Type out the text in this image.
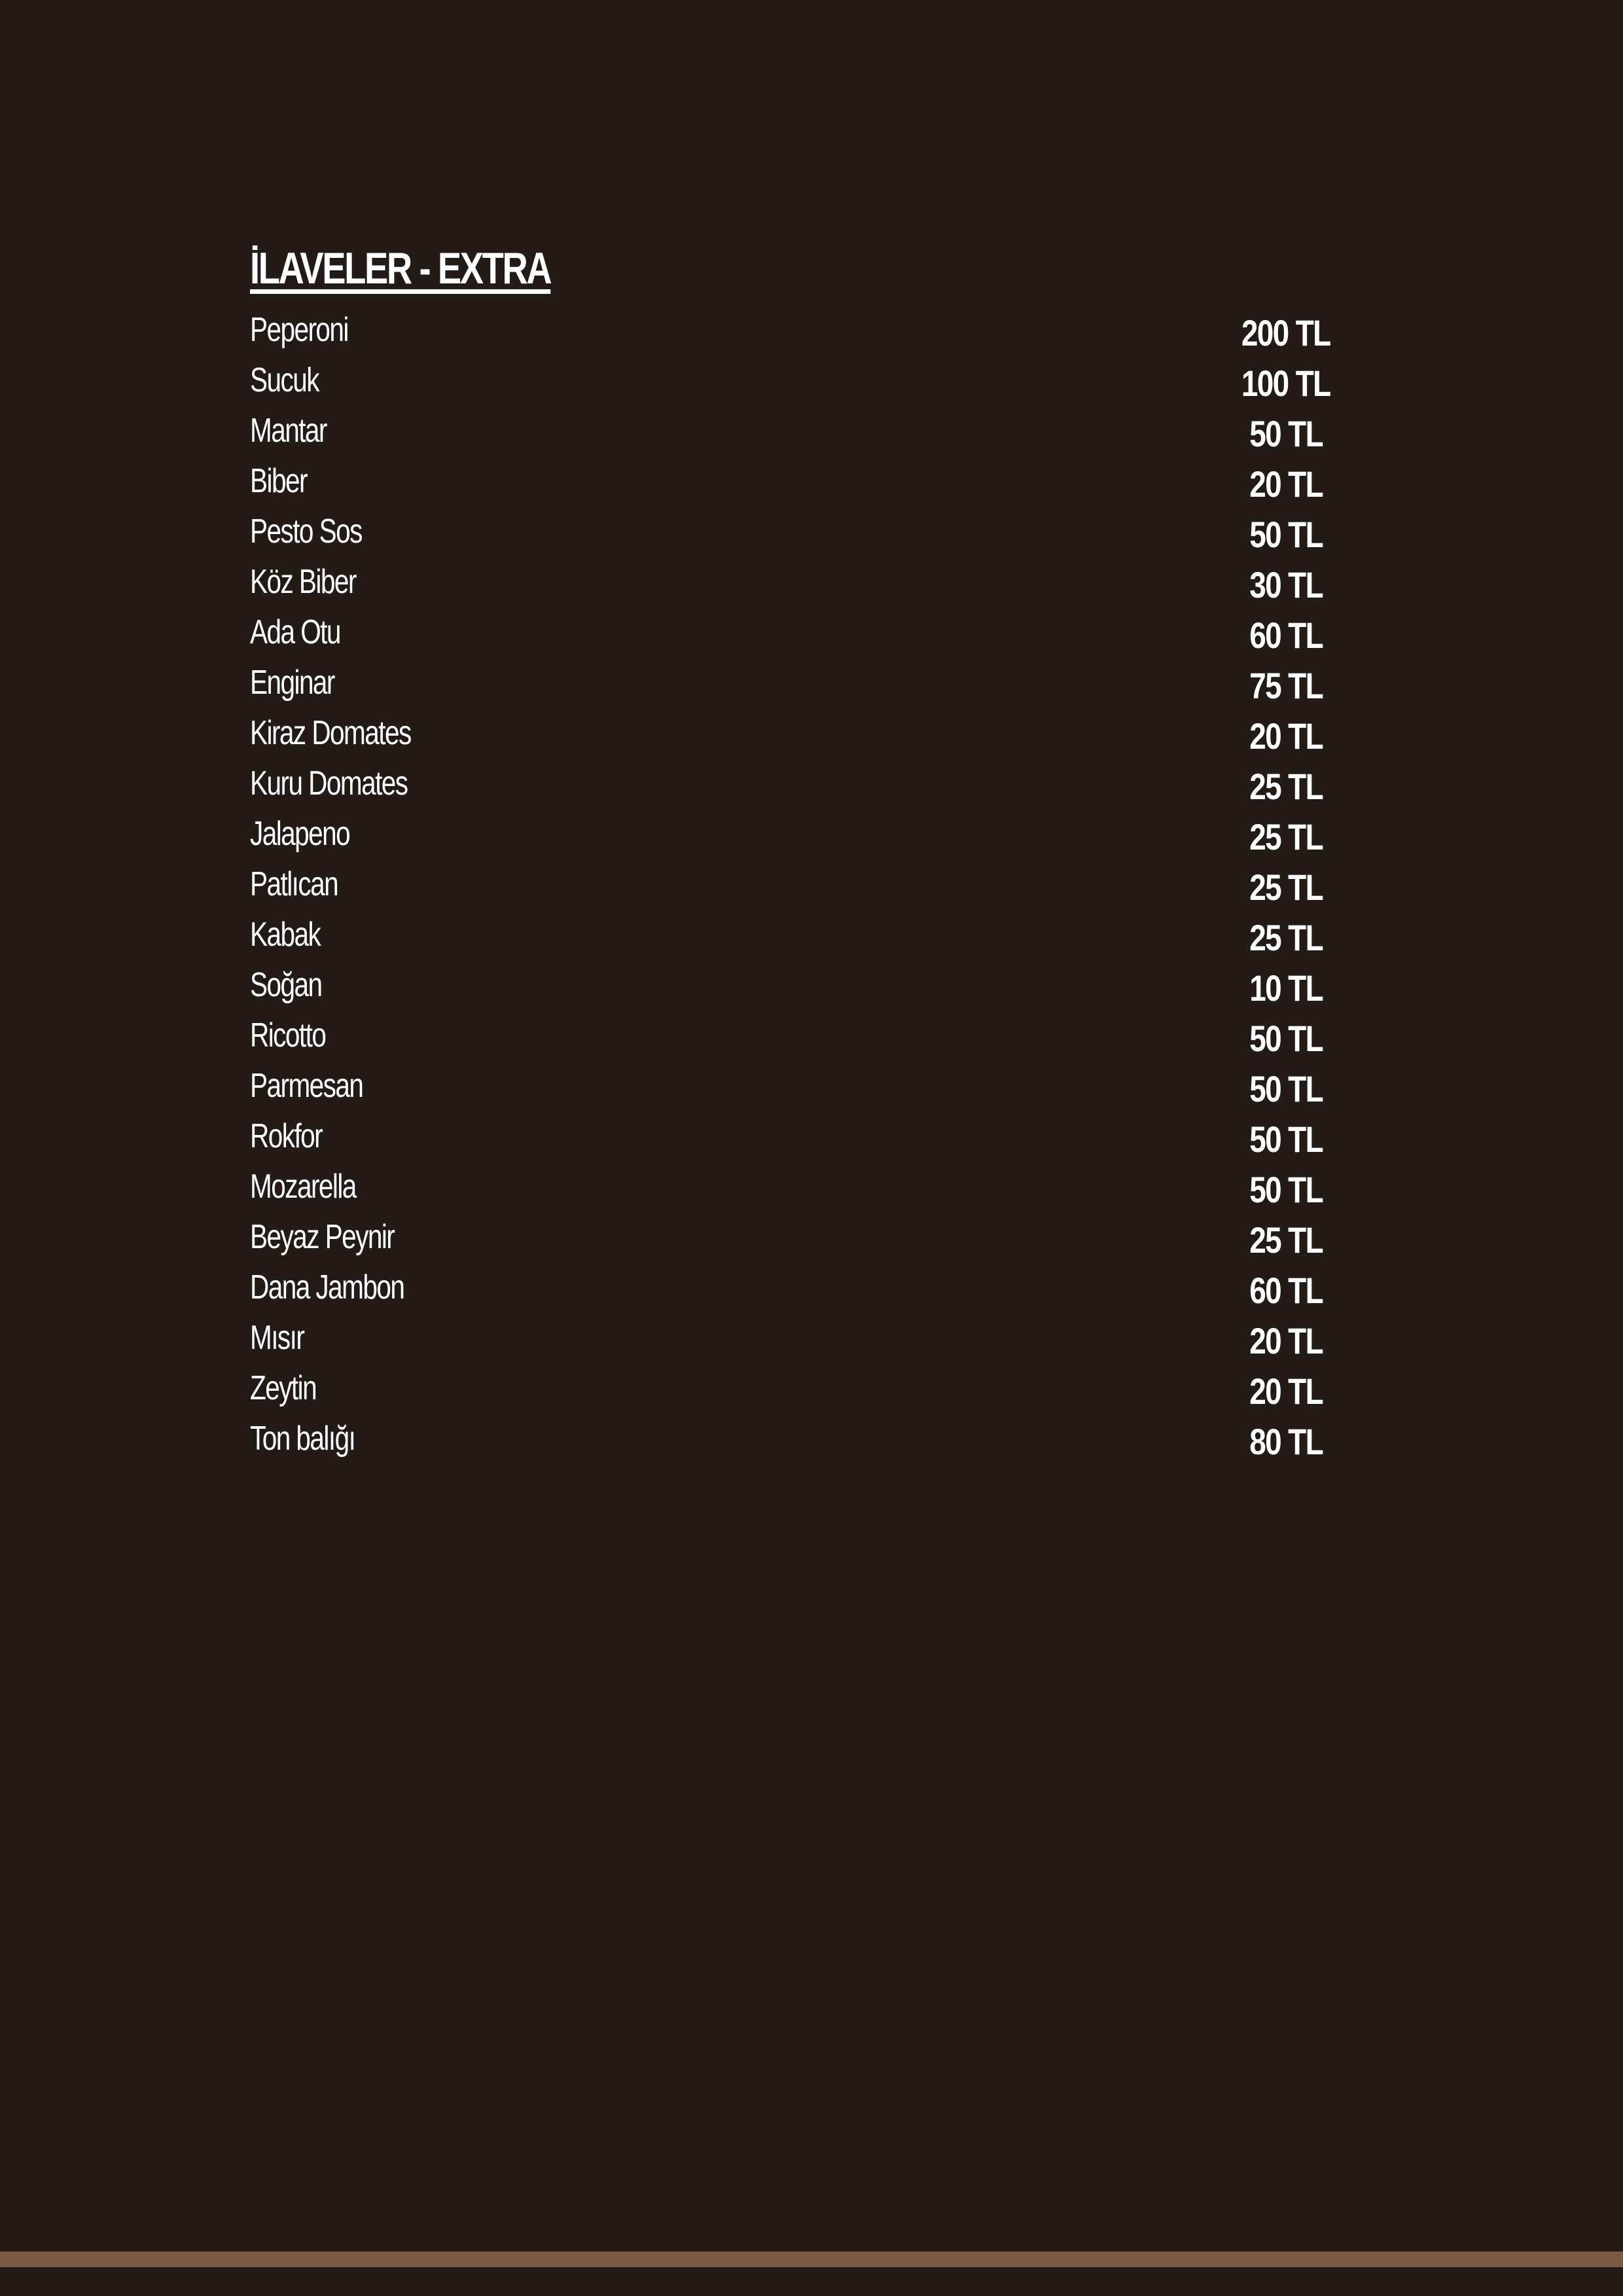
İLAVELER - EXTRA
Peperoni	200 TL
Sucuk	100 TL
Mantar	50 TL
Biber	20 TL
Pesto Sos	50 TL
Köz Biber	30 TL
Ada Otu	60 TL
Enginar	75 TL
Kiraz Domates	20 TL
Kuru Domates	25 TL
Jalapeno	25 TL
Patlıcan	25 TL
Kabak	25 TL
Soğan	10 TL
Ricotto	50 TL
Parmesan	50 TL
Rokfor	50 TL
Mozarella	50 TL
Beyaz Peynir	25 TL
Dana Jambon	60 TL
Mısır	20 TL
Zeytin	20 TL
Ton balığı	80 TL
